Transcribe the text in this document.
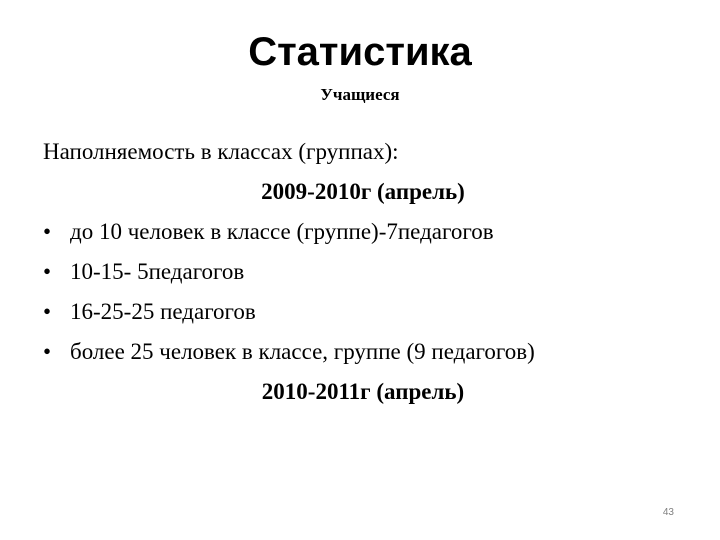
Статистика
Учащиеся
Наполняемость в классах (группах):
2009-2010г (апрель)
• до 10 человек в классе (группе)-7педагогов
• 10-15- 5педагогов
• 16-25-25 педагогов
• более 25 человек в классе, группе (9 педагогов)
2010-2011г (апрель)
43
